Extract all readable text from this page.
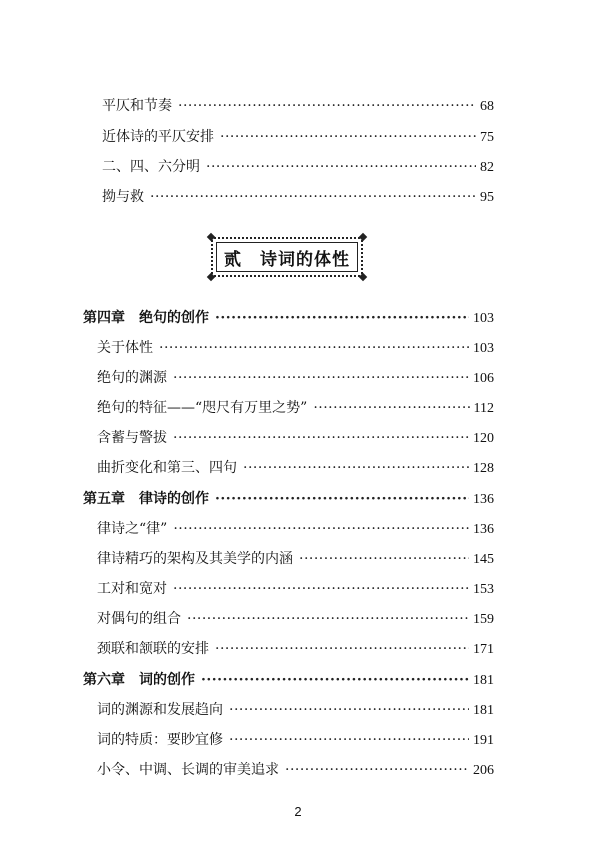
平仄和节奏 ·····	68
近体诗的平仄安排 ·····	75
二、四、六分明 ·····	82
拗与救 ·····	95
贰 诗词的体性
第四章　绝句的创作 ·····	103
关于体性 ·····	103
绝句的渊源 ·····	106
绝句的特征——“咫尺有万里之势” ·····	112
含蓄与警拔 ·····	120
曲折变化和第三、四句 ·····	128
第五章　律诗的创作 ·····	136
律诗之“律” ·····	136
律诗精巧的架构及其美学的内涵 ·····	145
工对和宽对 ·····	153
对偶句的组合 ·····	159
颈联和颔联的安排 ·····	171
第六章　词的创作 ·····	181
词的渊源和发展趋向 ·····	181
词的特质：要眇宜修 ·····	191
小令、中调、长调的审美追求 ·····	206
2
